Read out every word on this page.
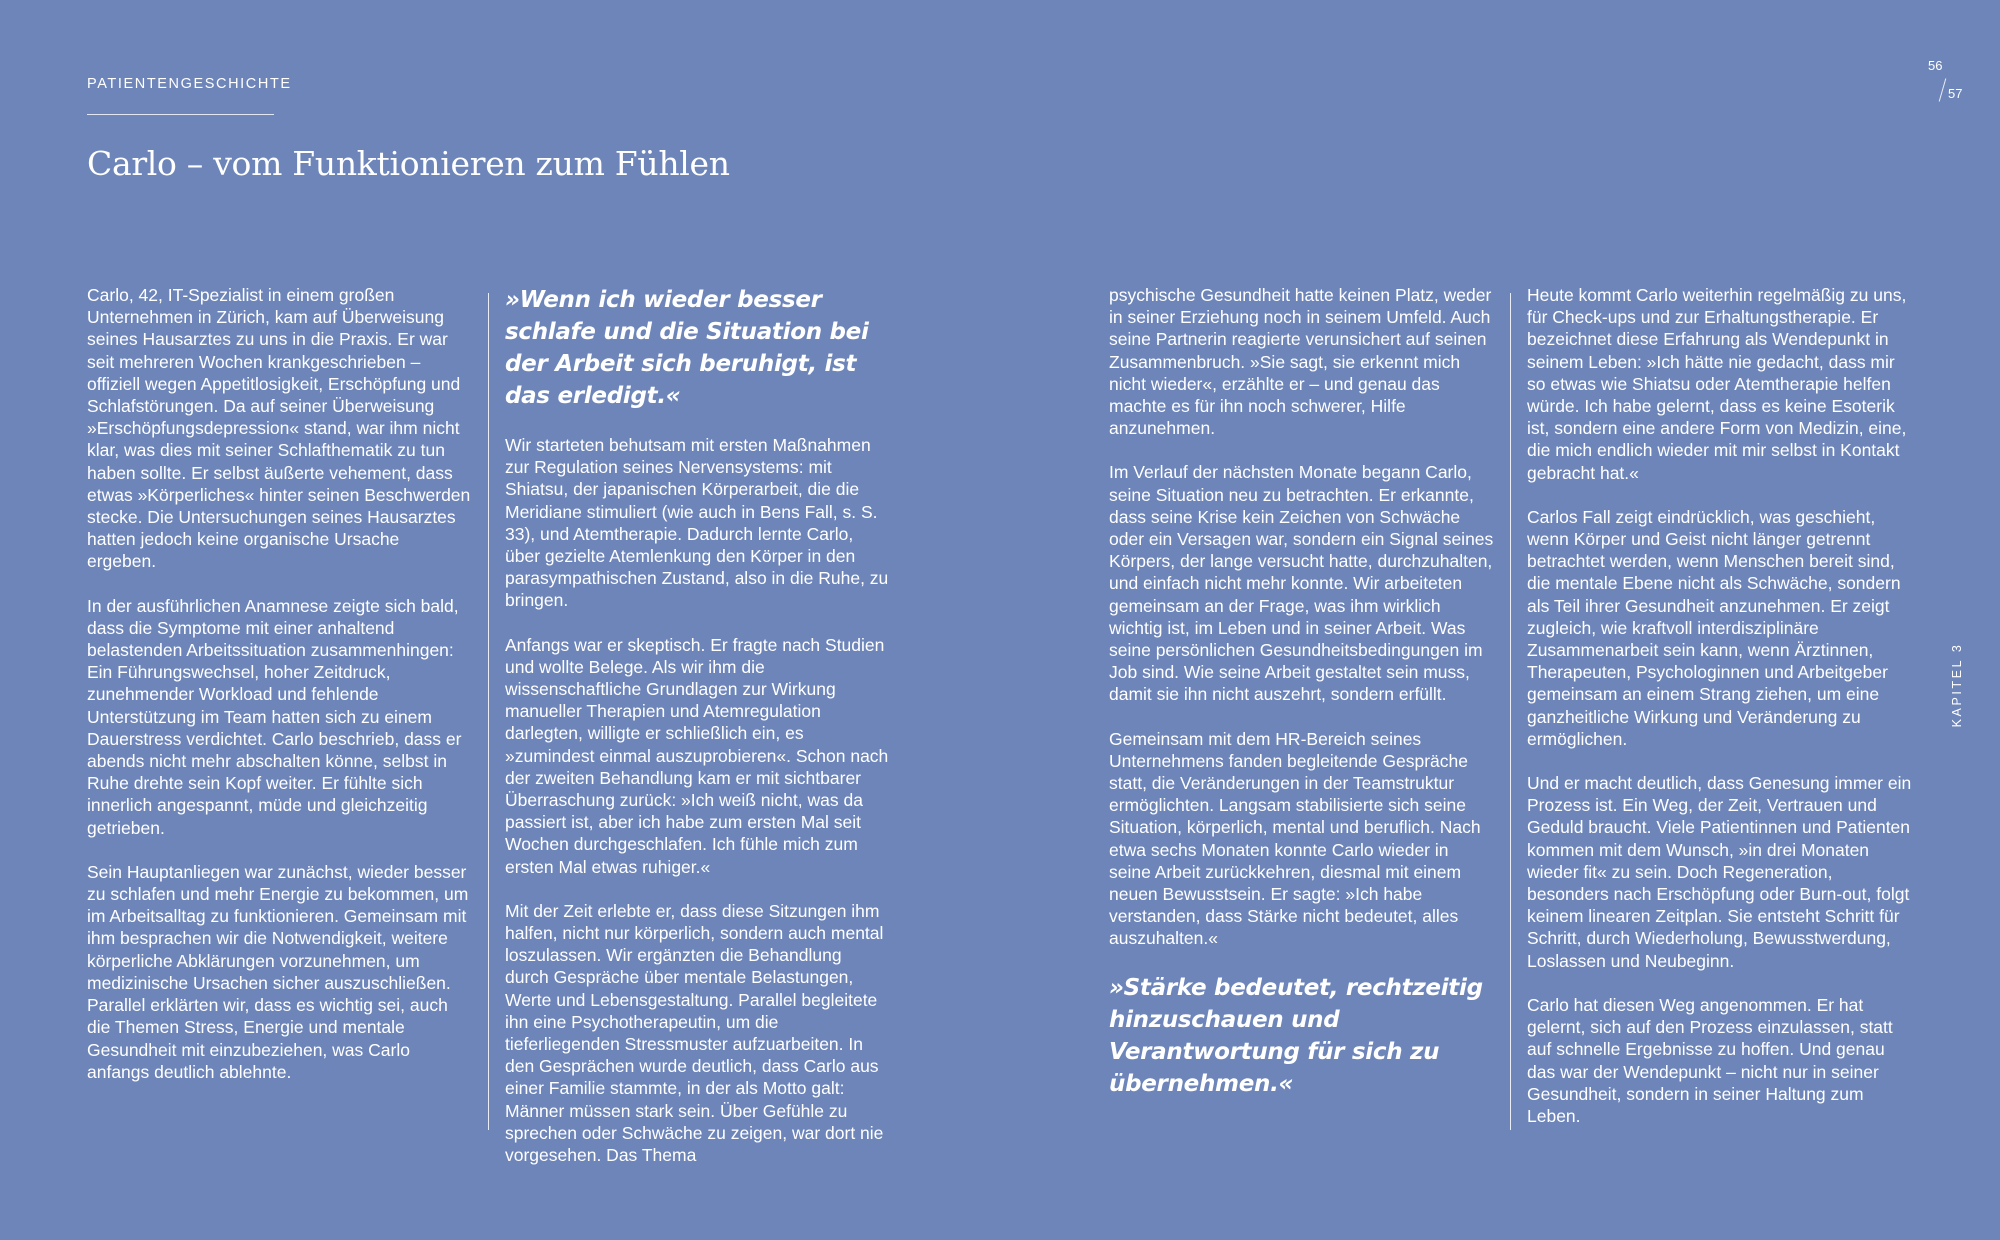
PATIENTENGESCHICHTE
Carlo – vom Funktionieren zum Fühlen
56
57
KAPITEL 3

Carlo, 42, IT-Spezialist in einem großen Unternehmen in Zürich, kam auf Überweisung seines Hausarztes zu uns in die Praxis. Er war seit mehreren Wochen krankgeschrieben – offiziell wegen Appetitlosigkeit, Erschöpfung und Schlafstörungen. Da auf seiner Überweisung »Erschöpfungsdepression« stand, war ihm nicht klar, was dies mit seiner Schlafthematik zu tun haben sollte. Er selbst äußerte vehement, dass etwas »Körperliches« hinter seinen Beschwerden stecke. Die Untersuchungen seines Hausarztes hatten jedoch keine organische Ursache ergeben.

In der ausführlichen Anamnese zeigte sich bald, dass die Symptome mit einer anhaltend belastenden Arbeitssituation zusammenhingen: Ein Führungswechsel, hoher Zeitdruck, zunehmender Workload und fehlende Unterstützung im Team hatten sich zu einem Dauerstress verdichtet. Carlo beschrieb, dass er abends nicht mehr abschalten könne, selbst in Ruhe drehte sein Kopf weiter. Er fühlte sich innerlich angespannt, müde und gleichzeitig getrieben.

Sein Hauptanliegen war zunächst, wieder besser zu schlafen und mehr Energie zu bekommen, um im Arbeitsalltag zu funktionieren. Gemeinsam mit ihm besprachen wir die Notwendigkeit, weitere körperliche Abklärungen vorzunehmen, um medizinische Ursachen sicher auszuschließen. Parallel erklärten wir, dass es wichtig sei, auch die Themen Stress, Energie und mentale Gesundheit mit einzubeziehen, was Carlo anfangs deutlich ablehnte.

»Wenn ich wieder besser schlafe und die Situation bei der Arbeit sich beruhigt, ist das erledigt.«

Wir starteten behutsam mit ersten Maßnahmen zur Regulation seines Nervensystems: mit Shiatsu, der japanischen Körperarbeit, die die Meridiane stimuliert (wie auch in Bens Fall, s. S. 33), und Atemtherapie. Dadurch lernte Carlo, über gezielte Atemlenkung den Körper in den parasympathischen Zustand, also in die Ruhe, zu bringen.

Anfangs war er skeptisch. Er fragte nach Studien und wollte Belege. Als wir ihm die wissenschaftliche Grundlagen zur Wirkung manueller Therapien und Atemregulation darlegten, willigte er schließlich ein, es »zumindest einmal auszuprobieren«. Schon nach der zweiten Behandlung kam er mit sichtbarer Überraschung zurück: »Ich weiß nicht, was da passiert ist, aber ich habe zum ersten Mal seit Wochen durchgeschlafen. Ich fühle mich zum ersten Mal etwas ruhiger.«

Mit der Zeit erlebte er, dass diese Sitzungen ihm halfen, nicht nur körperlich, sondern auch mental loszulassen. Wir ergänzten die Behandlung durch Gespräche über mentale Belastungen, Werte und Lebensgestaltung. Parallel begleitete ihn eine Psychotherapeutin, um die tieferliegenden Stressmuster aufzuarbeiten. In den Gesprächen wurde deutlich, dass Carlo aus einer Familie stammte, in der als Motto galt: Männer müssen stark sein. Über Gefühle zu sprechen oder Schwäche zu zeigen, war dort nie vorgesehen. Das Thema

psychische Gesundheit hatte keinen Platz, weder in seiner Erziehung noch in seinem Umfeld. Auch seine Partnerin reagierte verunsichert auf seinen Zusammenbruch. »Sie sagt, sie erkennt mich nicht wieder«, erzählte er – und genau das machte es für ihn noch schwerer, Hilfe anzunehmen.

Im Verlauf der nächsten Monate begann Carlo, seine Situation neu zu betrachten. Er erkannte, dass seine Krise kein Zeichen von Schwäche oder ein Versagen war, sondern ein Signal seines Körpers, der lange versucht hatte, durchzuhalten, und einfach nicht mehr konnte. Wir arbeiteten gemeinsam an der Frage, was ihm wirklich wichtig ist, im Leben und in seiner Arbeit. Was seine persönlichen Gesundheitsbedingungen im Job sind. Wie seine Arbeit gestaltet sein muss, damit sie ihn nicht auszehrt, sondern erfüllt.

Gemeinsam mit dem HR-Bereich seines Unternehmens fanden begleitende Gespräche statt, die Veränderungen in der Teamstruktur ermöglichten. Langsam stabilisierte sich seine Situation, körperlich, mental und beruflich. Nach etwa sechs Monaten konnte Carlo wieder in seine Arbeit zurückkehren, diesmal mit einem neuen Bewusstsein. Er sagte: »Ich habe verstanden, dass Stärke nicht bedeutet, alles auszuhalten.«

»Stärke bedeutet, rechtzeitig hinzuschauen und Verantwortung für sich zu übernehmen.«

Heute kommt Carlo weiterhin regelmäßig zu uns, für Check-ups und zur Erhaltungstherapie. Er bezeichnet diese Erfahrung als Wendepunkt in seinem Leben: »Ich hätte nie gedacht, dass mir so etwas wie Shiatsu oder Atemtherapie helfen würde. Ich habe gelernt, dass es keine Esoterik ist, sondern eine andere Form von Medizin, eine, die mich endlich wieder mit mir selbst in Kontakt gebracht hat.«

Carlos Fall zeigt eindrücklich, was geschieht, wenn Körper und Geist nicht länger getrennt betrachtet werden, wenn Menschen bereit sind, die mentale Ebene nicht als Schwäche, sondern als Teil ihrer Gesundheit anzunehmen. Er zeigt zugleich, wie kraftvoll interdisziplinäre Zusammenarbeit sein kann, wenn Ärztinnen, Therapeuten, Psychologinnen und Arbeitgeber gemeinsam an einem Strang ziehen, um eine ganzheitliche Wirkung und Veränderung zu ermöglichen.

Und er macht deutlich, dass Genesung immer ein Prozess ist. Ein Weg, der Zeit, Vertrauen und Geduld braucht. Viele Patientinnen und Patienten kommen mit dem Wunsch, »in drei Monaten wieder fit« zu sein. Doch Regeneration, besonders nach Erschöpfung oder Burn-out, folgt keinem linearen Zeitplan. Sie entsteht Schritt für Schritt, durch Wiederholung, Bewusstwerdung, Loslassen und Neubeginn.

Carlo hat diesen Weg angenommen. Er hat gelernt, sich auf den Prozess einzulassen, statt auf schnelle Ergebnisse zu hoffen. Und genau das war der Wendepunkt – nicht nur in seiner Gesundheit, sondern in seiner Haltung zum Leben.
